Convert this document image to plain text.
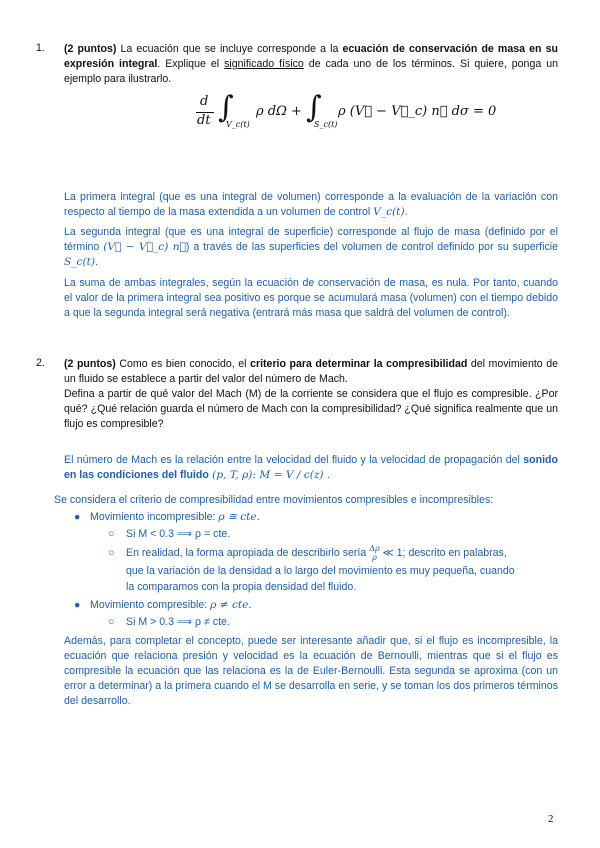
1. (2 puntos) La ecuación que se incluye corresponde a la ecuación de conservación de masa en su expresión integral. Explique el significado físico de cada uno de los términos. Si quiere, ponga un ejemplo para ilustrarlo.
d
dt ∫
V_c(t)
ρ dΩ + ∫
S_c(t)
ρ (V⃗ − V⃗_c) n⃗ dσ = 0
La primera integral (que es una integral de volumen) corresponde a la evaluación de la variación con respecto al tiempo de la masa extendida a un volumen de control V_c(t).
La segunda integral (que es una integral de superficie) corresponde al flujo de masa (definido por el término (V⃗ − V⃗_c) n⃗) a través de las superficies del volumen de control definido por su superficie S_c(t).
La suma de ambas integrales, según la ecuación de conservación de masa, es nula. Por tanto, cuando el valor de la primera integral sea positivo es porque se acumulará masa (volumen) con el tiempo debido a que la segunda integral será negativa (entrará más masa que saldrá del volumen de control).
2. (2 puntos) Como es bien conocido, el criterio para determinar la compresibilidad del movimiento de un fluido se establece a partir del valor del número de Mach.
Defina a partir de qué valor del Mach (M) de la corriente se considera que el flujo es compresible. ¿Por qué? ¿Qué relación guarda el número de Mach con la compresibilidad? ¿Qué significa realmente que un flujo es compresible?
El número de Mach es la relación entre la velocidad del fluido y la velocidad de propagación del sonido en las condiciones del fluido (p, T, ρ): M = V / c(z) .
Se considera el criterio de compresibilidad entre movimientos compresibles e incompresibles:
● Movimiento incompresible: ρ ≅ cte.
○ Si M < 0.3 ⟹ ρ = cte.
○ En realidad, la forma apropiada de describirlo sería Δρ
ρ ≪ 1; descrito en palabras,
que la variación de la densidad a lo largo del movimiento es muy pequeña, cuando
la comparamos con la propia densidad del fluido.
● Movimiento compresible: ρ ≠ cte.
○ Si M > 0.3 ⟹ ρ ≠ cte.
Además, para completar el concepto, puede ser interesante añadir que, si el flujo es incompresible, la ecuación que relaciona presión y velocidad es la ecuación de Bernoulli, mientras que si el flujo es compresible la ecuación que las relaciona es la de Euler-Bernoulli. Esta segunda se aproxima (con un error a determinar) a la primera cuando el M se desarrolla en serie, y se toman los dos primeros términos del desarrollo.
2
